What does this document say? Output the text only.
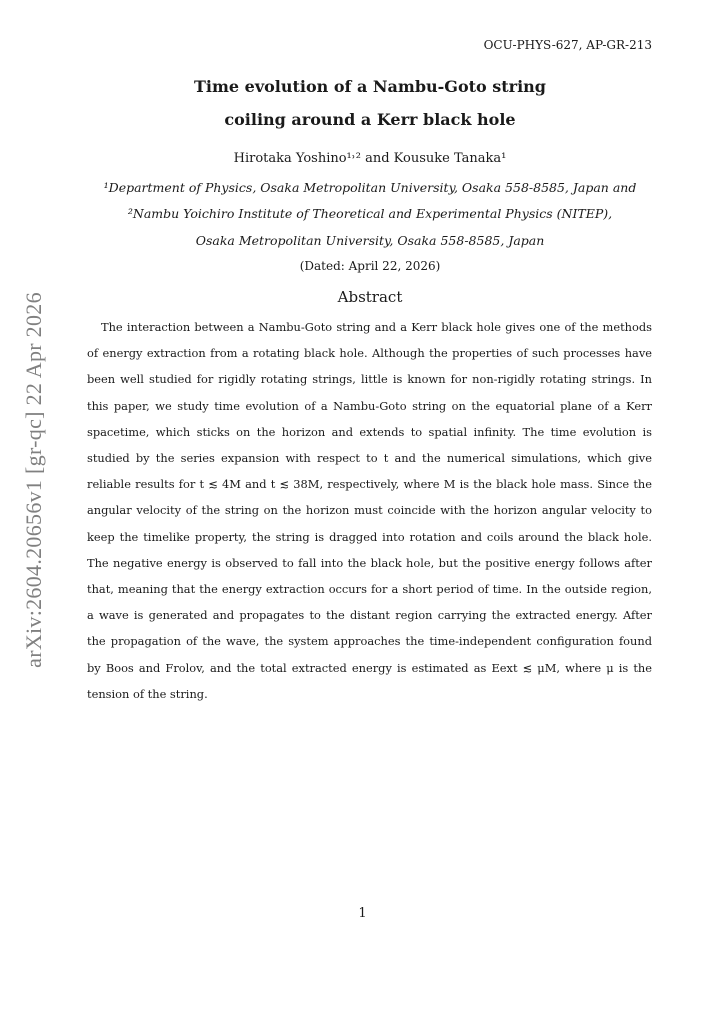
OCU-PHYS-627, AP-GR-213
Time evolution of a Nambu-Goto string
coiling around a Kerr black hole
Hirotaka Yoshino¹˒² and Kousuke Tanaka¹
¹Department of Physics, Osaka Metropolitan University, Osaka 558-8585, Japan and
²Nambu Yoichiro Institute of Theoretical and Experimental Physics (NITEP),
Osaka Metropolitan University, Osaka 558-8585, Japan
(Dated: April 22, 2026)
Abstract

The interaction between a Nambu-Goto string and a Kerr black hole gives one of the methods of energy extraction from a rotating black hole. Although the properties of such processes have been well studied for rigidly rotating strings, little is known for non-rigidly rotating strings. In this paper, we study time evolution of a Nambu-Goto string on the equatorial plane of a Kerr spacetime, which sticks on the horizon and extends to spatial infinity. The time evolution is studied by the series expansion with respect to t and the numerical simulations, which give reliable results for t ≲ 4M and t ≲ 38M, respectively, where M is the black hole mass. Since the angular velocity of the string on the horizon must coincide with the horizon angular velocity to keep the timelike property, the string is dragged into rotation and coils around the black hole. The negative energy is observed to fall into the black hole, but the positive energy follows after that, meaning that the energy extraction occurs for a short period of time. In the outside region, a wave is generated and propagates to the distant region carrying the extracted energy. After the propagation of the wave, the system approaches the time-independent configuration found by Boos and Frolov, and the total extracted energy is estimated as Eext ≲ μM, where μ is the tension of the string.

arXiv:2604.20656v1 [gr-qc] 22 Apr 2026
1
